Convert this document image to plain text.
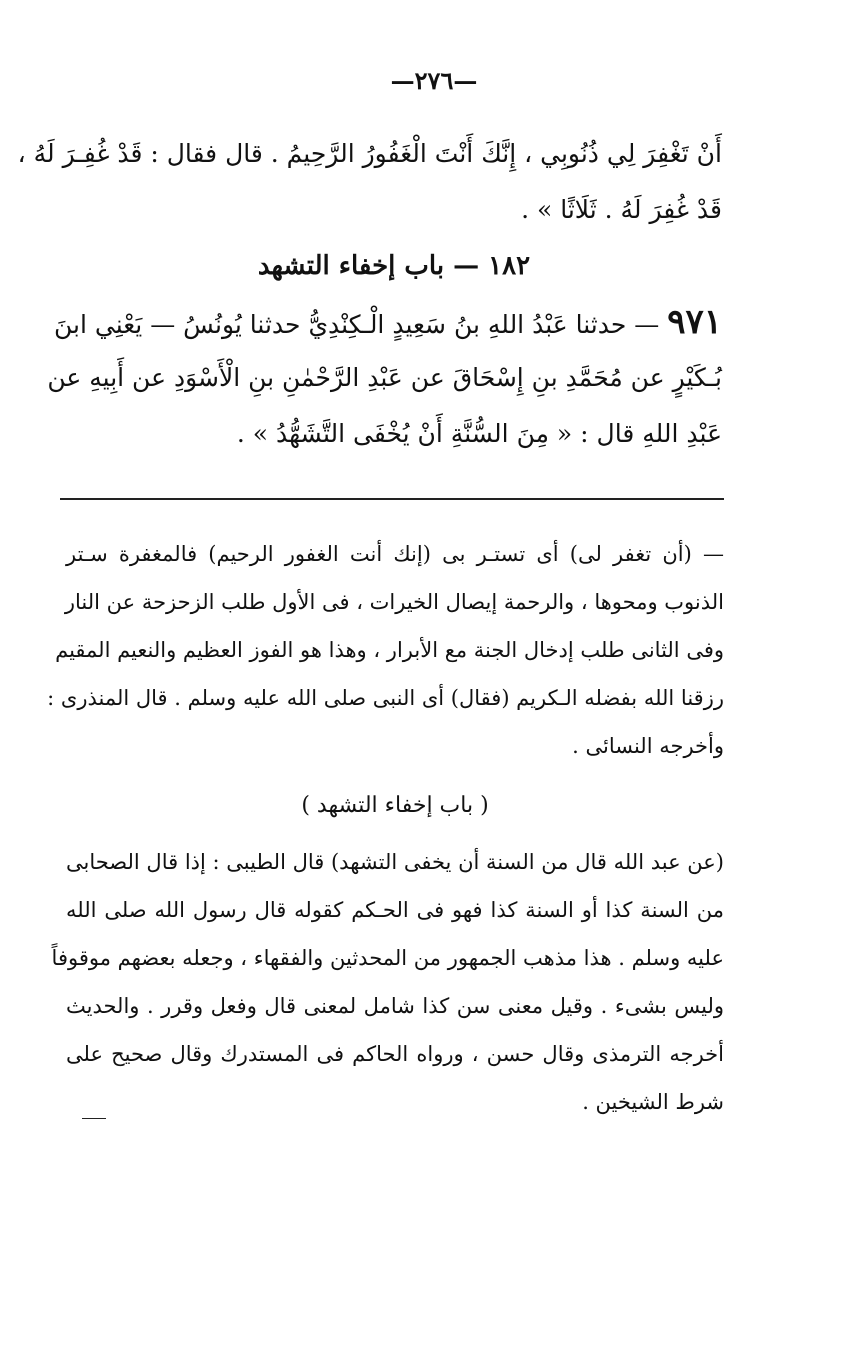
—٢٧٦—
أَنْ تَغْفِرَ لِي ذُنُوبِي ، إِنَّكَ أَنْتَ الْغَفُورُ الرَّحِيمُ . قال فقال : قَدْ غُفِـرَ لَهُ ،
قَدْ غُفِرَ لَهُ . ثَلَاثًا » .
١٨٢ — باب إخفاء التشهد
٩٧١ — حدثنا عَبْدُ اللهِ بنُ سَعِيدٍ الْـكِنْدِيُّ حدثنا يُونُسُ — يَعْنِي ابنَ
بُـكَيْرٍ عن مُحَمَّدِ بنِ إِسْحَاقَ عن عَبْدِ الرَّحْمٰنِ بنِ الْأَسْوَدِ عن أَبِيهِ عن
عَبْدِ اللهِ قال : « مِنَ السُّنَّةِ أَنْ يُخْفَى التَّشَهُّدُ » .
— (أن تغفر لى) أى تستـر بى (إنك أنت الغفور الرحيم) فالمغفرة سـتر
الذنوب ومحوها ، والرحمة إيصال الخيرات ، فى الأول طلب الزحزحة عن النار
وفى الثانى طلب إدخال الجنة مع الأبرار ، وهذا هو الفوز العظيم والنعيم المقيم
رزقنا الله بفضله الـكريم (فقال) أى النبى صلى الله عليه وسلم . قال المنذرى :
وأخرجه النسائى .
( باب إخفاء التشهد )
(عن عبد الله قال من السنة أن يخفى التشهد) قال الطيبى : إذا قال الصحابى
من السنة كذا أو السنة كذا فهو فى الحـكم كقوله قال رسول الله صلى الله
عليه وسلم . هذا مذهب الجمهور من المحدثين والفقهاء ، وجعله بعضهم موقوفاً
وليس بشىء . وقيل معنى سن كذا شامل لمعنى قال وفعل وقرر . والحديث
أخرجه الترمذى وقال حسن ، ورواه الحاكم فى المستدرك وقال صحيح على
شرط الشيخين .
